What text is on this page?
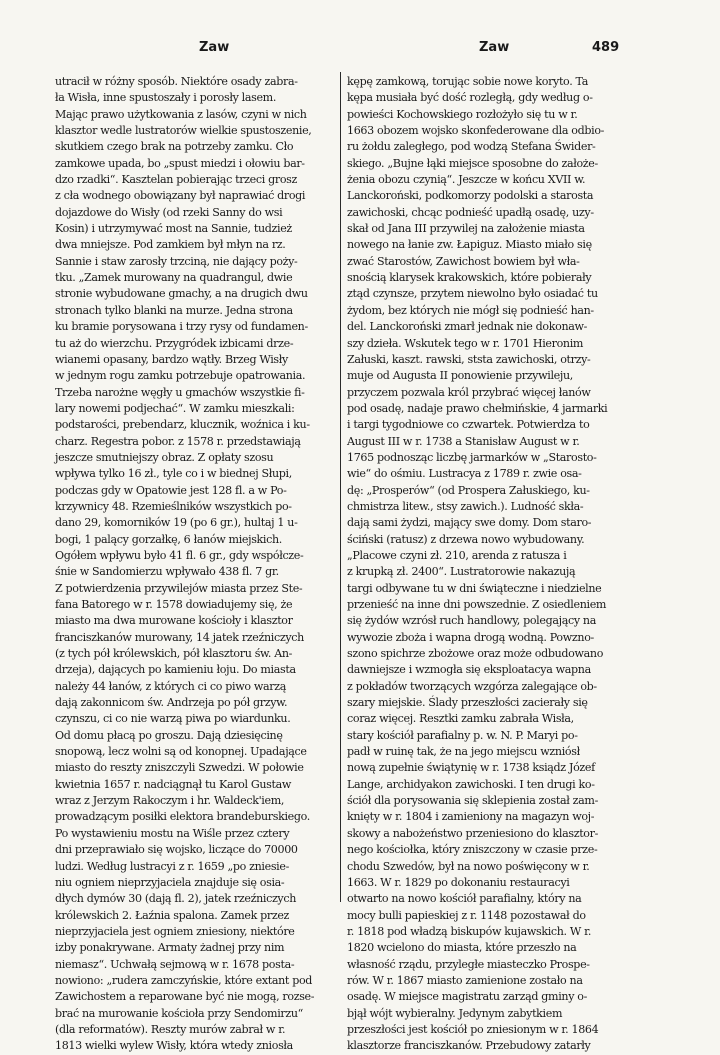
Zaw	Zaw	489
utracił w różny sposób. Niektóre osady zabra-
ła Wisła, inne spustoszały i porosły lasem.
Mając prawo użytkowania z lasów, czyni w nich
klasztor wedle lustratorów wielkie spustoszenie,
skutkiem czego brak na potrzeby zamku. Cło
zamkowe upada, bo „spust miedzi i ołowiu bar-
dzo rzadki“. Kasztelan pobierając trzeci grosz
z cła wodnego obowiązany był naprawiać drogi
dojazdowe do Wisły (od rzeki Sanny do wsi
Kosin) i utrzymywać most na Sannie, tudzież
dwa mniejsze. Pod zamkiem był młyn na rz.
Sannie i staw zarosły trzciną, nie dający poży-
tku. „Zamek murowany na quadrangul, dwie
stronie wybudowane gmachy, a na drugich dwu
stronach tylko blanki na murze. Jedna strona
ku bramie porysowana i trzy rysy od fundamen-
tu aż do wierzchu. Przygródek izbicami drze-
wianemi opasany, bardzo wątły. Brzeg Wisły
w jednym rogu zamku potrzebuje opatrowania.
Trzeba narożne węgły u gmachów wszystkie fi-
lary nowemi podjechać“. W zamku mieszkali:
podstarości, prebendarz, klucznik, woźnica i ku-
charz. Regestra pobor. z 1578 r. przedstawiają
jeszcze smutniejszy obraz. Z opłaty szosu
wpływa tylko 16 zł., tyle co i w biednej Słupi,
podczas gdy w Opatowie jest 128 fl. a w Po-
krzywnicy 48. Rzemieślników wszystkich po-
dano 29, komorników 19 (po 6 gr.), hultaj 1 u-
bogi, 1 palący gorzałkę, 6 łanów miejskich.
Ogółem wpływu było 41 fl. 6 gr., gdy współcze-
śnie w Sandomierzu wpływało 438 fl. 7 gr.
Z potwierdzenia przywilejów miasta przez Ste-
fana Batorego w r. 1578 dowiadujemy się, że
miasto ma dwa murowane kościoły i klasztor
franciszkanów murowany, 14 jatek rzeźniczych
(z tych pół królewskich, pół klasztoru św. An-
drzeja), dających po kamieniu łoju. Do miasta
należy 44 łanów, z których ci co piwo warzą
dają zakonnicom św. Andrzeja po pół grzyw.
czynszu, ci co nie warzą piwa po wiardunku.
Od domu płacą po groszu. Dają dziesięcinę
snopową, lecz wolni są od konopnej. Upadające
miasto do reszty zniszczyli Szwedzi. W połowie
kwietnia 1657 r. nadciągnął tu Karol Gustaw
wraz z Jerzym Rakoczym i hr. Waldeck'iem,
prowadzącym posiłki elektora brandeburskiego.
Po wystawieniu mostu na Wiśle przez cztery
dni przeprawiało się wojsko, liczące do 70000
ludzi. Według lustracyi z r. 1659 „po zniesie-
niu ogniem nieprzyjaciela znajduje się osia-
dłych dymów 30 (dają fl. 2), jatek rzeźniczych
królewskich 2. Łaźnia spalona. Zamek przez
nieprzyjaciela jest ogniem zniesiony, niektóre
izby ponakrywane. Armaty żadnej przy nim
niemasz“. Uchwałą sejmową w r. 1678 posta-
nowiono: „rudera zamczyńskie, które extant pod
Zawichostem a reparowane być nie mogą, rozse-
brać na murowanie kościoła przy Sendomirzu“
(dla reformatów). Reszty murów zabrał w r.
1813 wielki wylew Wisły, która wtedy zniosła
kępę zamkową, torując sobie nowe koryto. Ta
kępa musiała być dość rozległą, gdy według o-
powieści Kochowskiego rozłożyło się tu w r.
1663 obozem wojsko skonfederowane dla odbio-
ru żołdu zaległego, pod wodzą Stefana Świder-
skiego. „Bujne łąki miejsce sposobne do założe-
żenia obozu czynią“. Jeszcze w końcu XVII w.
Lanckoroński, podkomorzy podolski a starosta
zawichoski, chcąc podnieść upadłą osadę, uzy-
skał od Jana III przywilej na założenie miasta
nowego na łanie zw. Łapiguz. Miasto miało się
zwać Starostów, Zawichost bowiem był wła-
snością klarysek krakowskich, które pobierały
ztąd czynsze, przytem niewolno było osiadać tu
żydom, bez których nie mógł się podnieść han-
del. Lanckoroński zmarł jednak nie dokonaw-
szy dzieła. Wskutek tego w r. 1701 Hieronim
Załuski, kaszt. rawski, ststa zawichoski, otrzy-
muje od Augusta II ponowienie przywileju,
przyczem pozwala król przybrać więcej łanów
pod osadę, nadaje prawo chełmińskie, 4 jarmarki
i targi tygodniowe co czwartek. Potwierdza to
August III w r. 1738 a Stanisław August w r.
1765 podnosząc liczbę jarmarków w „Starosto-
wie“ do ośmiu. Lustracya z 1789 r. zwie osa-
dę: „Prosperów“ (od Prospera Załuskiego, ku-
chmistrza litew., stsy zawich.). Ludność skła-
dają sami żydzi, mający swe domy. Dom staro-
ściński (ratusz) z drzewa nowo wybudowany.
„Placowe czyni zł. 210, arenda z ratusza i
z krupką zł. 2400“. Lustratorowie nakazują
targi odbywane tu w dni świąteczne i niedzielne
przenieść na inne dni powszednie. Z osiedleniem
się żydów wzrósł ruch handlowy, polegający na
wywozie zboża i wapna drogą wodną. Powzno-
szono spichrze zbożowe oraz może odbudowano
dawniejsze i wzmogła się eksploatacya wapna
z pokładów tworzących wzgórza zalegające ob-
szary miejskie. Ślady przeszłości zacierały się
coraz więcej. Resztki zamku zabrała Wisła,
stary kościół parafialny p. w. N. P. Maryi po-
padł w ruinę tak, że na jego miejscu wzniósł
nową zupełnie świątynię w r. 1738 ksiądz Józef
Lange, archidyakon zawichoski. I ten drugi ko-
ściół dla porysowania się sklepienia został zam-
knięty w r. 1804 i zamieniony na magazyn woj-
skowy a nabożeństwo przeniesiono do klasztor-
nego kościołka, który zniszczony w czasie prze-
chodu Szwedów, był na nowo poświęcony w r.
1663. W r. 1829 po dokonaniu restauracyi
otwarto na nowo kościół parafialny, który na
mocy bulli papieskiej z r. 1148 pozostawał do
r. 1818 pod władzą biskupów kujawskich. W r.
1820 wcielono do miasta, które przeszło na
własność rządu, przyległe miasteczko Prospe-
rów. W r. 1867 miasto zamienione zostało na
osadę. W miejsce magistratu zarząd gminy o-
bjął wójt wybieralny. Jedynym zabytkiem
przeszłości jest kościół po zniesionym w r. 1864
klasztorze franciszkanów. Przebudowy zatarły
